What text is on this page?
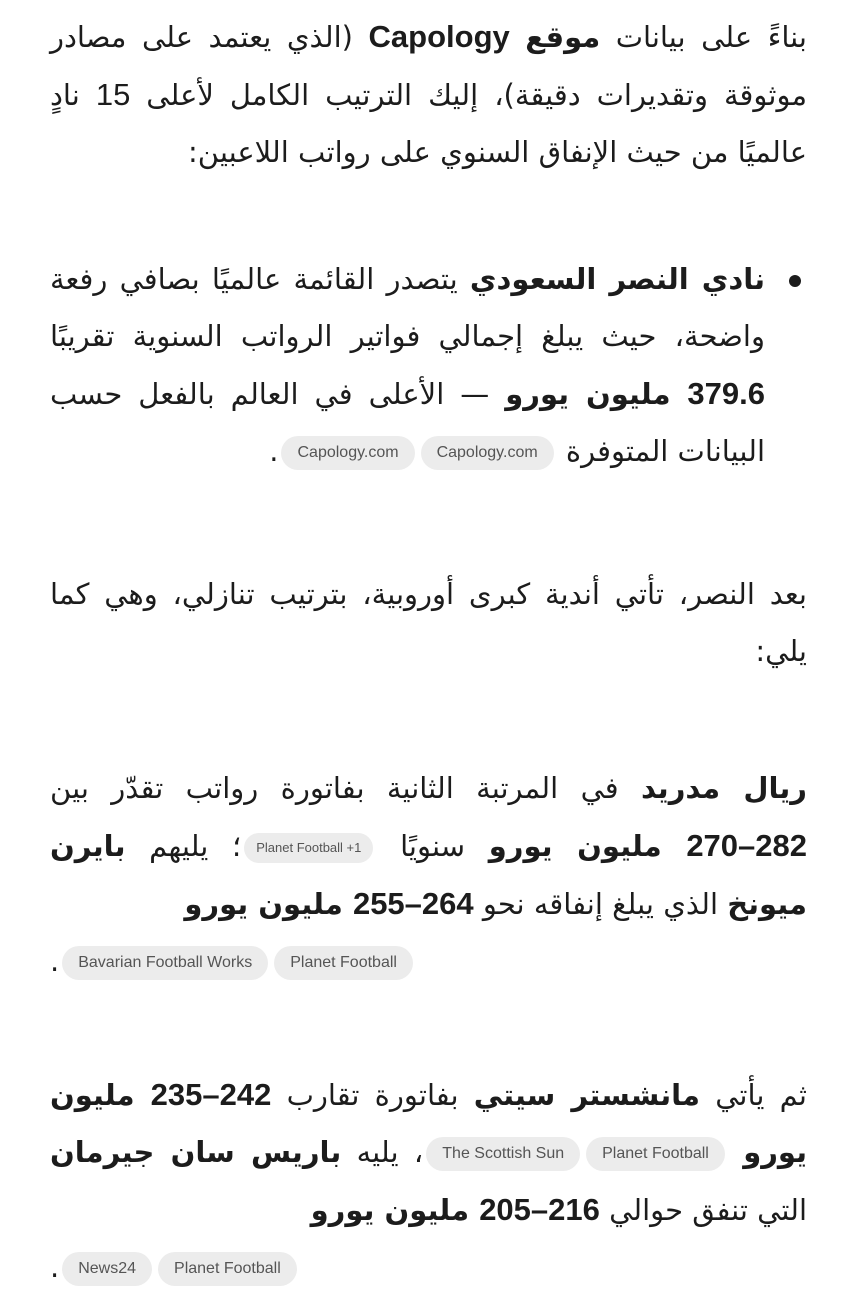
بناءً على بيانات موقع Capology (الذي يعتمد على مصادر موثوقة وتقديرات دقيقة)، إليك الترتيب الكامل لأعلى 15 نادٍ عالميًا من حيث الإنفاق السنوي على رواتب اللاعبين:

نادي النصر السعودي يتصدر القائمة عالميًا بصافي رفعة واضحة، حيث يبلغ إجمالي فواتير الرواتب السنوية تقريبًا 379.6 مليون يورو — الأعلى في العالم بالفعل حسب البيانات المتوفرة Capology.comCapology.com.

بعد النصر، تأتي أندية كبرى أوروبية، بترتيب تنازلي، وهي كما يلي:

ريال مدريد في المرتبة الثانية بفاتورة رواتب تقدّر بين 270–282 مليون يورو سنويًا Planet Football +1؛ يليهم بايرن ميونخ الذي يبلغ إنفاقه نحو 255–264 مليون يورو

Planet FootballBavarian Football Works.

ثم يأتي مانشستر سيتي بفاتورة تقارب 235–242 مليون يورو Planet FootballThe Scottish Sun، يليه باريس سان جيرمان التي تنفق حوالي 205–216 مليون يورو

Planet FootballNews24.
